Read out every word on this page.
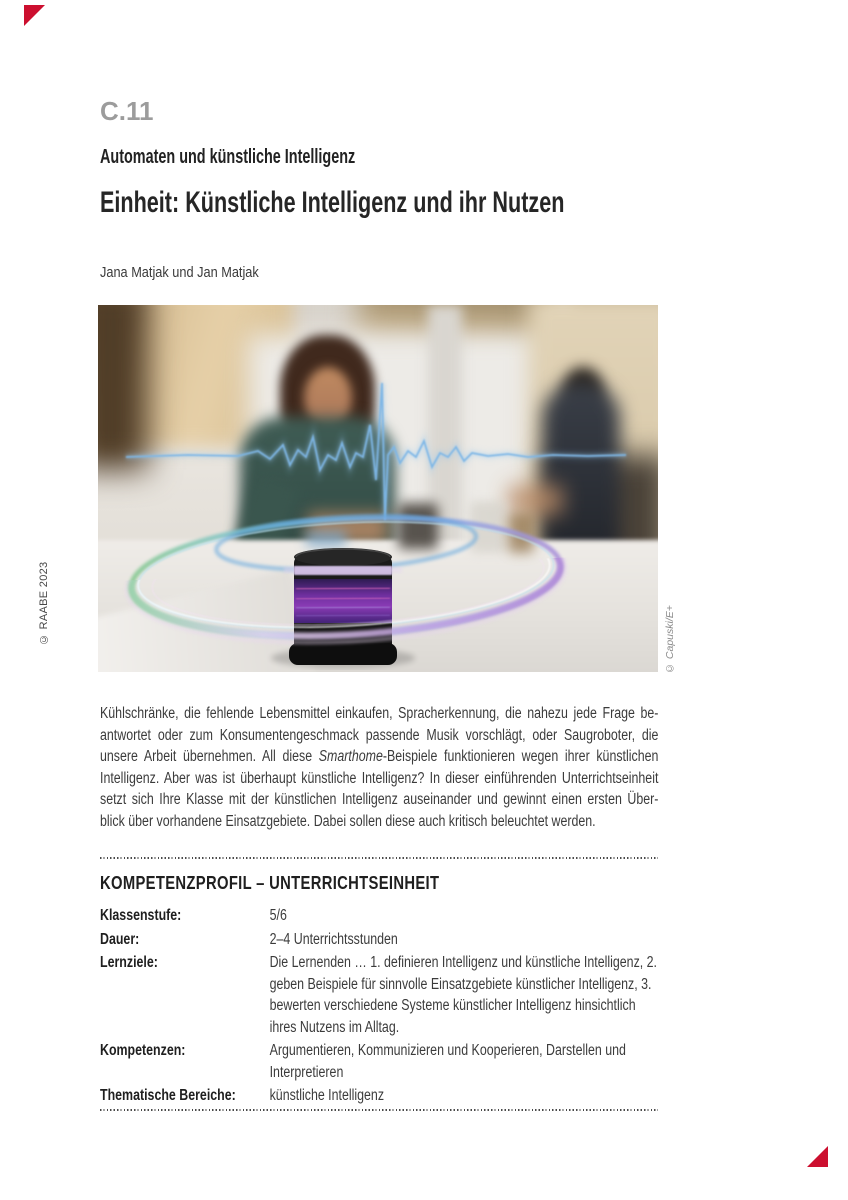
C.11
Automaten und künstliche Intelligenz
Einheit: Künstliche Intelligenz und ihr Nutzen
Jana Matjak und Jan Matjak
© RAABE 2023	© Capuski/E+
Kühlschränke, die fehlende Lebensmittel einkaufen, Spracherkennung, die nahezu jede Frage be-
antwortet oder zum Konsumentengeschmack passende Musik vorschlägt, oder Saugroboter, die
unsere Arbeit übernehmen. All diese Smarthome-Beispiele funktionieren wegen ihrer künstlichen
Intelligenz. Aber was ist überhaupt künstliche Intelligenz? In dieser einführenden Unterrichtseinheit
setzt sich Ihre Klasse mit der künstlichen Intelligenz auseinander und gewinnt einen ersten Über-
blick über vorhandene Einsatzgebiete. Dabei sollen diese auch kritisch beleuchtet werden.
KOMPETENZPROFIL – UNTERRICHTSEINHEIT
Klassenstufe:	5/6
Dauer:	2–4 Unterrichtsstunden
Lernziele:	Die Lernenden … 1. definieren Intelligenz und künstliche Intelligenz, 2. geben Beispiele für sinnvolle Einsatzgebiete künstlicher Intelligenz, 3. bewerten verschiedene Systeme künstlicher Intelligenz hinsichtlich ihres Nutzens im Alltag.
Kompetenzen:	Argumentieren, Kommunizieren und Kooperieren, Darstellen und Interpretieren
Thematische Bereiche:	künstliche Intelligenz
